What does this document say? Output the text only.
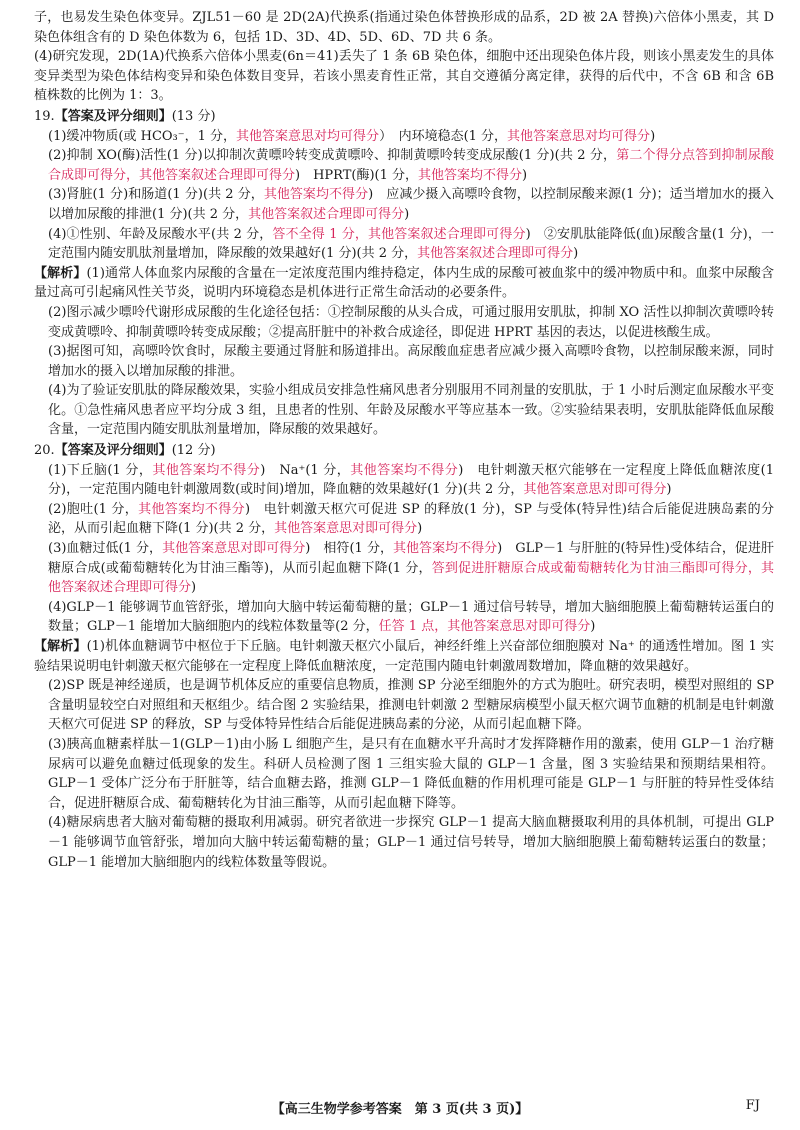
子，也易发生染色体变异。ZJL51－60 是 2D(2A)代换系(指通过染色体替换形成的品系，2D 被 2A 替换)六倍体小黑麦，其 D 染色体组含有的 D 染色体数为 6，包括 1D、3D、4D、5D、6D、7D 共 6 条。

(4)研究发现，2D(1A)代换系六倍体小黑麦(6n＝41)丢失了 1 条 6B 染色体，细胞中还出现染色体片段，则该小黑麦发生的具体变异类型为染色体结构变异和染色体数目变异，若该小黑麦育性正常，其自交遵循分离定律，获得的后代中，不含 6B 和含 6B 植株数的比例为 1：3。

19.【答案及评分细则】(13 分)

(1)缓冲物质(或 HCO₃⁻，1 分，其他答案意思对均可得分）　内环境稳态(1 分，其他答案意思对均可得分)

(2)抑制 XO(酶)活性(1 分)以抑制次黄嘌呤转变成黄嘌呤、抑制黄嘌呤转变成尿酸(1 分)(共 2 分，第二个得分点答到抑制尿酸合成即可得分，其他答案叙述合理即可得分)　HPRT(酶)(1 分，其他答案均不得分)

(3)肾脏(1 分)和肠道(1 分)(共 2 分，其他答案均不得分)　应减少摄入高嘌呤食物，以控制尿酸来源(1 分)；适当增加水的摄入以增加尿酸的排泄(1 分)(共 2 分，其他答案叙述合理即可得分)

(4)①性别、年龄及尿酸水平(共 2 分，答不全得 1 分，其他答案叙述合理即可得分)　②安肌肽能降低(血)尿酸含量(1 分)，一定范围内随安肌肽剂量增加，降尿酸的效果越好(1 分)(共 2 分，其他答案叙述合理即可得分)

【解析】(1)通常人体血浆内尿酸的含量在一定浓度范围内维持稳定，体内生成的尿酸可被血浆中的缓冲物质中和。血浆中尿酸含量过高可引起痛风性关节炎，说明内环境稳态是机体进行正常生命活动的必要条件。

(2)图示减少嘌呤代谢形成尿酸的生化途径包括：①控制尿酸的从头合成，可通过服用安肌肽，抑制 XO 活性以抑制次黄嘌呤转变成黄嘌呤、抑制黄嘌呤转变成尿酸；②提高肝脏中的补救合成途径，即促进 HPRT 基因的表达，以促进核酸生成。

(3)据图可知，高嘌呤饮食时，尿酸主要通过肾脏和肠道排出。高尿酸血症患者应减少摄入高嘌呤食物，以控制尿酸来源，同时增加水的摄入以增加尿酸的排泄。

(4)为了验证安肌肽的降尿酸效果，实验小组成员安排急性痛风患者分别服用不同剂量的安肌肽，于 1 小时后测定血尿酸水平变化。①急性痛风患者应平均分成 3 组，且患者的性别、年龄及尿酸水平等应基本一致。②实验结果表明，安肌肽能降低血尿酸含量，一定范围内随安肌肽剂量增加，降尿酸的效果越好。

20.【答案及评分细则】(12 分)

(1)下丘脑(1 分，其他答案均不得分)　Na⁺(1 分，其他答案均不得分)　电针刺激天枢穴能够在一定程度上降低血糖浓度(1 分)，一定范围内随电针刺激周数(或时间)增加，降血糖的效果越好(1 分)(共 2 分，其他答案意思对即可得分)

(2)胞吐(1 分，其他答案均不得分)　电针刺激天枢穴可促进 SP 的释放(1 分)，SP 与受体(特异性)结合后能促进胰岛素的分泌，从而引起血糖下降(1 分)(共 2 分，其他答案意思对即可得分)

(3)血糖过低(1 分，其他答案意思对即可得分)　相符(1 分，其他答案均不得分)　GLP－1 与肝脏的(特异性)受体结合，促进肝糖原合成(或葡萄糖转化为甘油三酯等)，从而引起血糖下降(1 分，答到促进肝糖原合成或葡萄糖转化为甘油三酯即可得分，其他答案叙述合理即可得分)

(4)GLP－1 能够调节血管舒张，增加向大脑中转运葡萄糖的量；GLP－1 通过信号转导，增加大脑细胞膜上葡萄糖转运蛋白的数量；GLP－1 能增加大脑细胞内的线粒体数量等(2 分，任答 1 点，其他答案意思对即可得分)

【解析】(1)机体血糖调节中枢位于下丘脑。电针刺激天枢穴小鼠后，神经纤维上兴奋部位细胞膜对 Na⁺ 的通透性增加。图 1 实验结果说明电针刺激天枢穴能够在一定程度上降低血糖浓度，一定范围内随电针刺激周数增加，降血糖的效果越好。

(2)SP 既是神经递质，也是调节机体反应的重要信息物质，推测 SP 分泌至细胞外的方式为胞吐。研究表明，模型对照组的 SP 含量明显较空白对照组和天枢组少。结合图 2 实验结果，推测电针刺激 2 型糖尿病模型小鼠天枢穴调节血糖的机制是电针刺激天枢穴可促进 SP 的释放，SP 与受体特异性结合后能促进胰岛素的分泌，从而引起血糖下降。

(3)胰高血糖素样肽－1(GLP－1)由小肠 L 细胞产生，是只有在血糖水平升高时才发挥降糖作用的激素，使用 GLP－1 治疗糖尿病可以避免血糖过低现象的发生。科研人员检测了图 1 三组实验大鼠的 GLP－1 含量，图 3 实验结果和预期结果相符。GLP－1 受体广泛分布于肝脏等，结合血糖去路，推测 GLP－1 降低血糖的作用机理可能是 GLP－1 与肝脏的特异性受体结合，促进肝糖原合成、葡萄糖转化为甘油三酯等，从而引起血糖下降等。

(4)糖尿病患者大脑对葡萄糖的摄取利用减弱。研究者欲进一步探究 GLP－1 提高大脑血糖摄取利用的具体机制，可提出 GLP－1 能够调节血管舒张，增加向大脑中转运葡萄糖的量；GLP－1 通过信号转导，增加大脑细胞膜上葡萄糖转运蛋白的数量；GLP－1 能增加大脑细胞内的线粒体数量等假说。

【高三生物学参考答案　第 3 页(共 3 页)】	FJ
